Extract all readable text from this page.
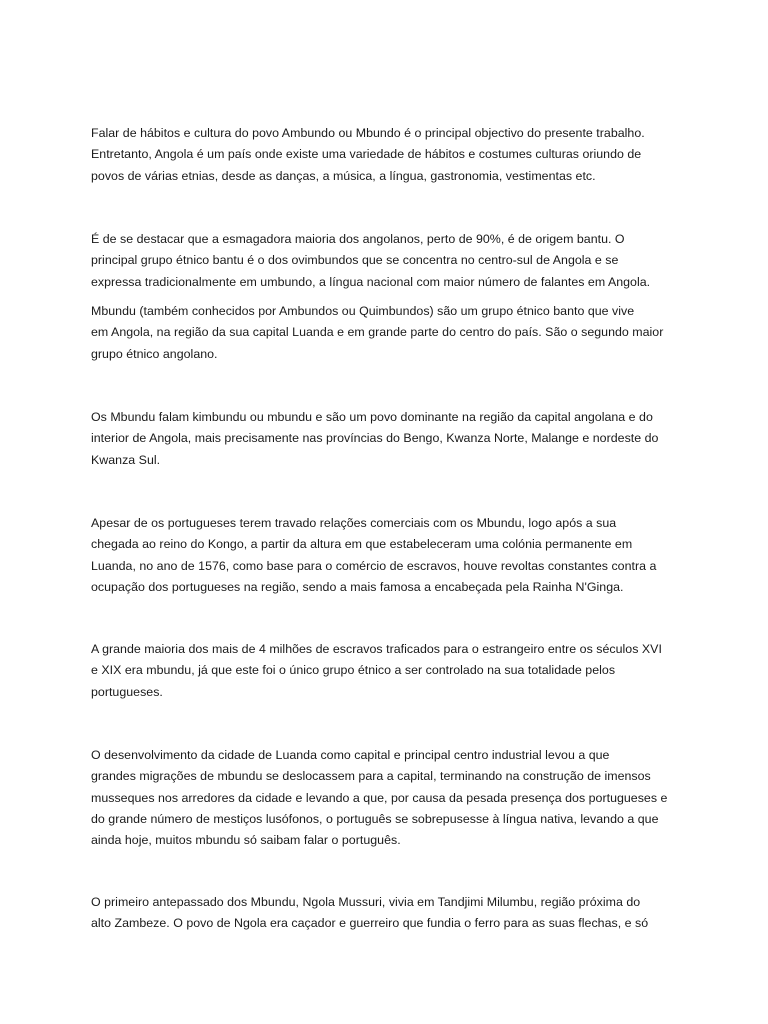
Falar de hábitos e cultura do povo Ambundo ou Mbundo é o principal objectivo do presente trabalho.
Entretanto, Angola é um país onde existe uma variedade de hábitos e costumes culturas oriundo de
povos de várias etnias, desde as danças, a música, a língua, gastronomia, vestimentas etc.

É de se destacar que a esmagadora maioria dos angolanos, perto de 90%, é de origem bantu. O
principal grupo étnico bantu é o dos ovimbundos que se concentra no centro-sul de Angola e se
expressa tradicionalmente em umbundo, a língua nacional com maior número de falantes em Angola.

Mbundu (também conhecidos por Ambundos ou Quimbundos) são um grupo étnico banto que vive
em Angola, na região da sua capital Luanda e em grande parte do centro do país. São o segundo maior
grupo étnico angolano.

Os Mbundu falam kimbundu ou mbundu e são um povo dominante na região da capital angolana e do
interior de Angola, mais precisamente nas províncias do Bengo, Kwanza Norte, Malange e nordeste do
Kwanza Sul.

Apesar de os portugueses terem travado relações comerciais com os Mbundu, logo após a sua
chegada ao reino do Kongo, a partir da altura em que estabeleceram uma colónia permanente em
Luanda, no ano de 1576, como base para o comércio de escravos, houve revoltas constantes contra a
ocupação dos portugueses na região, sendo a mais famosa a encabeçada pela Rainha N'Ginga.

A grande maioria dos mais de 4 milhões de escravos traficados para o estrangeiro entre os séculos XVI
e XIX era mbundu, já que este foi o único grupo étnico a ser controlado na sua totalidade pelos
portugueses.

O desenvolvimento da cidade de Luanda como capital e principal centro industrial levou a que
grandes migrações de mbundu se deslocassem para a capital, terminando na construção de imensos
musseques nos arredores da cidade e levando a que, por causa da pesada presença dos portugueses e
do grande número de mestiços lusófonos, o português se sobrepusesse à língua nativa, levando a que
ainda hoje, muitos mbundu só saibam falar o português.

O primeiro antepassado dos Mbundu, Ngola Mussuri, vivia em Tandjimi Milumbu, região próxima do
alto Zambeze. O povo de Ngola era caçador e guerreiro que fundia o ferro para as suas flechas, e só
